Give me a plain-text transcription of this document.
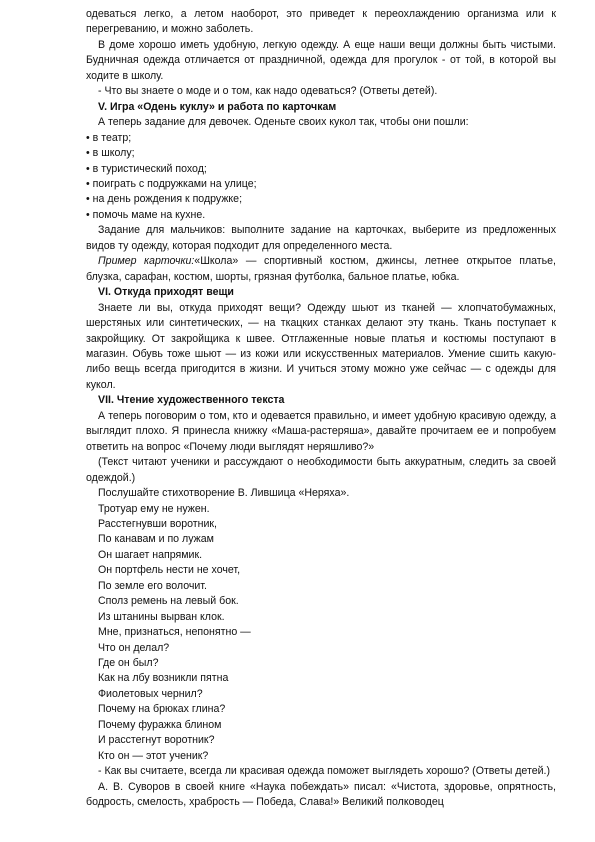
одеваться легко, а летом наоборот, это приведет к переохлаждению организма или к перегреванию, и можно заболеть.

В доме хорошо иметь удобную, легкую одежду. А еще наши вещи должны быть чистыми. Будничная одежда отличается от праздничной, одежда для прогулок - от той, в которой вы ходите в школу.

- Что вы знаете о моде и о том, как надо одеваться? (Ответы детей).

V. Игра «Одень куклу» и работа по карточкам

А теперь задание для девочек. Оденьте своих кукол так, чтобы они пошли:

• в театр;

• в школу;

• в туристический поход;

• поиграть с подружками на улице;

• на день рождения к подружке;

• помочь маме на кухне.

Задание для мальчиков: выполните задание на карточках, выберите из предложенных видов ту одежду, которая подходит для определенного места.

Пример карточки:«Школа» — спортивный костюм, джинсы, летнее открытое платье, блузка, сарафан, костюм, шорты, грязная футболка, бальное платье, юбка.

VI. Откуда приходят вещи

Знаете ли вы, откуда приходят вещи? Одежду шьют из тканей — хлопчатобумажных, шерстяных или синтетических, — на ткацких станках делают эту ткань. Ткань поступает к закройщику. От закройщика к швее. Отглаженные новые платья и костюмы поступают в магазин. Обувь тоже шьют — из кожи или искусственных материалов. Умение сшить какую-либо вещь всегда пригодится в жизни. И учиться этому можно уже сейчас — с одежды для кукол.

VII. Чтение художественного текста

А теперь поговорим о том, кто и одевается правильно, и имеет удобную красивую одежду, а выглядит плохо. Я принесла книжку «Маша-растеряша», давайте прочитаем ее и попробуем ответить на вопрос «Почему люди выглядят неряшливо?»

(Текст читают ученики и рассуждают о необходимости быть аккуратным, следить за своей одеждой.)

Послушайте стихотворение В. Лившица «Неряха».

Тротуар ему не нужен.

Расстегнувши воротник,

По канавам и по лужам

Он шагает напрямик.

Он портфель нести не хочет,

По земле его волочит.

Сполз ремень на левый бок.

Из штанины вырван клок.

Мне, признаться, непонятно —

Что он делал?

Где он был?

Как на лбу возникли пятна

Фиолетовых чернил?

Почему на брюках глина?

Почему фуражка блином

И расстегнут воротник?

Кто он — этот ученик?

- Как вы считаете, всегда ли красивая одежда поможет выглядеть хорошо? (Ответы детей.)

А. В. Суворов в своей книге «Наука побеждать» писал: «Чистота, здоровье, опрятность, бодрость, смелость, храбрость — Победа, Слава!» Великий полководец
